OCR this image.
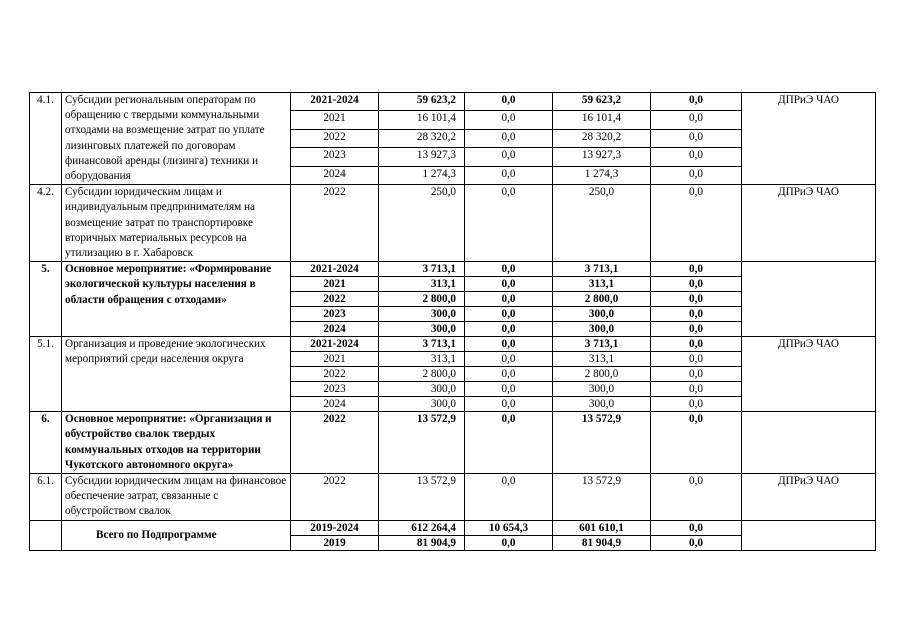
4.1.	Субсидии региональным операторам по обращению с твердыми коммунальными отходами на возмещение затрат по уплате лизинговых платежей по договорам финансовой аренды (лизинга) техники и оборудования	2021-2024	59 623,2	0,0	59 623,2	0,0	ДПРиЭ ЧАО
		2021	16 101,4	0,0	16 101,4	0,0	
		2022	28 320,2	0,0	28 320,2	0,0	
		2023	13 927,3	0,0	13 927,3	0,0	
		2024	1 274,3	0,0	1 274,3	0,0	
4.2.	Субсидии юридическим лицам и индивидуальным предпринимателям на возмещение затрат по транспортировке вторичных материальных ресурсов на утилизацию в г. Хабаровск	2022	250,0	0,0	250,0	0,0	ДПРиЭ ЧАО
5.	Основное мероприятие: «Формирование экологической культуры населения в области обращения с отходами»	2021-2024	3 713,1	0,0	3 713,1	0,0	
		2021	313,1	0,0	313,1	0,0	
		2022	2 800,0	0,0	2 800,0	0,0	
		2023	300,0	0,0	300,0	0,0	
		2024	300,0	0,0	300,0	0,0	
5.1.	Организация и проведение экологических мероприятий среди населения округа	2021-2024	3 713,1	0,0	3 713,1	0,0	ДПРиЭ ЧАО
		2021	313,1	0,0	313,1	0,0	
		2022	2 800,0	0,0	2 800,0	0,0	
		2023	300,0	0,0	300,0	0,0	
		2024	300,0	0,0	300,0	0,0	
6.	Основное мероприятие: «Организация и обустройство свалок твердых коммунальных отходов на территории Чукотского автономного округа»	2022	13 572,9	0,0	13 572,9	0,0	
6.1.	Субсидии юридическим лицам на финансовое обеспечение затрат, связанные с обустройством свалок	2022	13 572,9	0,0	13 572,9	0,0	ДПРиЭ ЧАО
	Всего по Подпрограмме	2019-2024	612 264,4	10 654,3	601 610,1	0,0	
		2019	81 904,9	0,0	81 904,9	0,0	
